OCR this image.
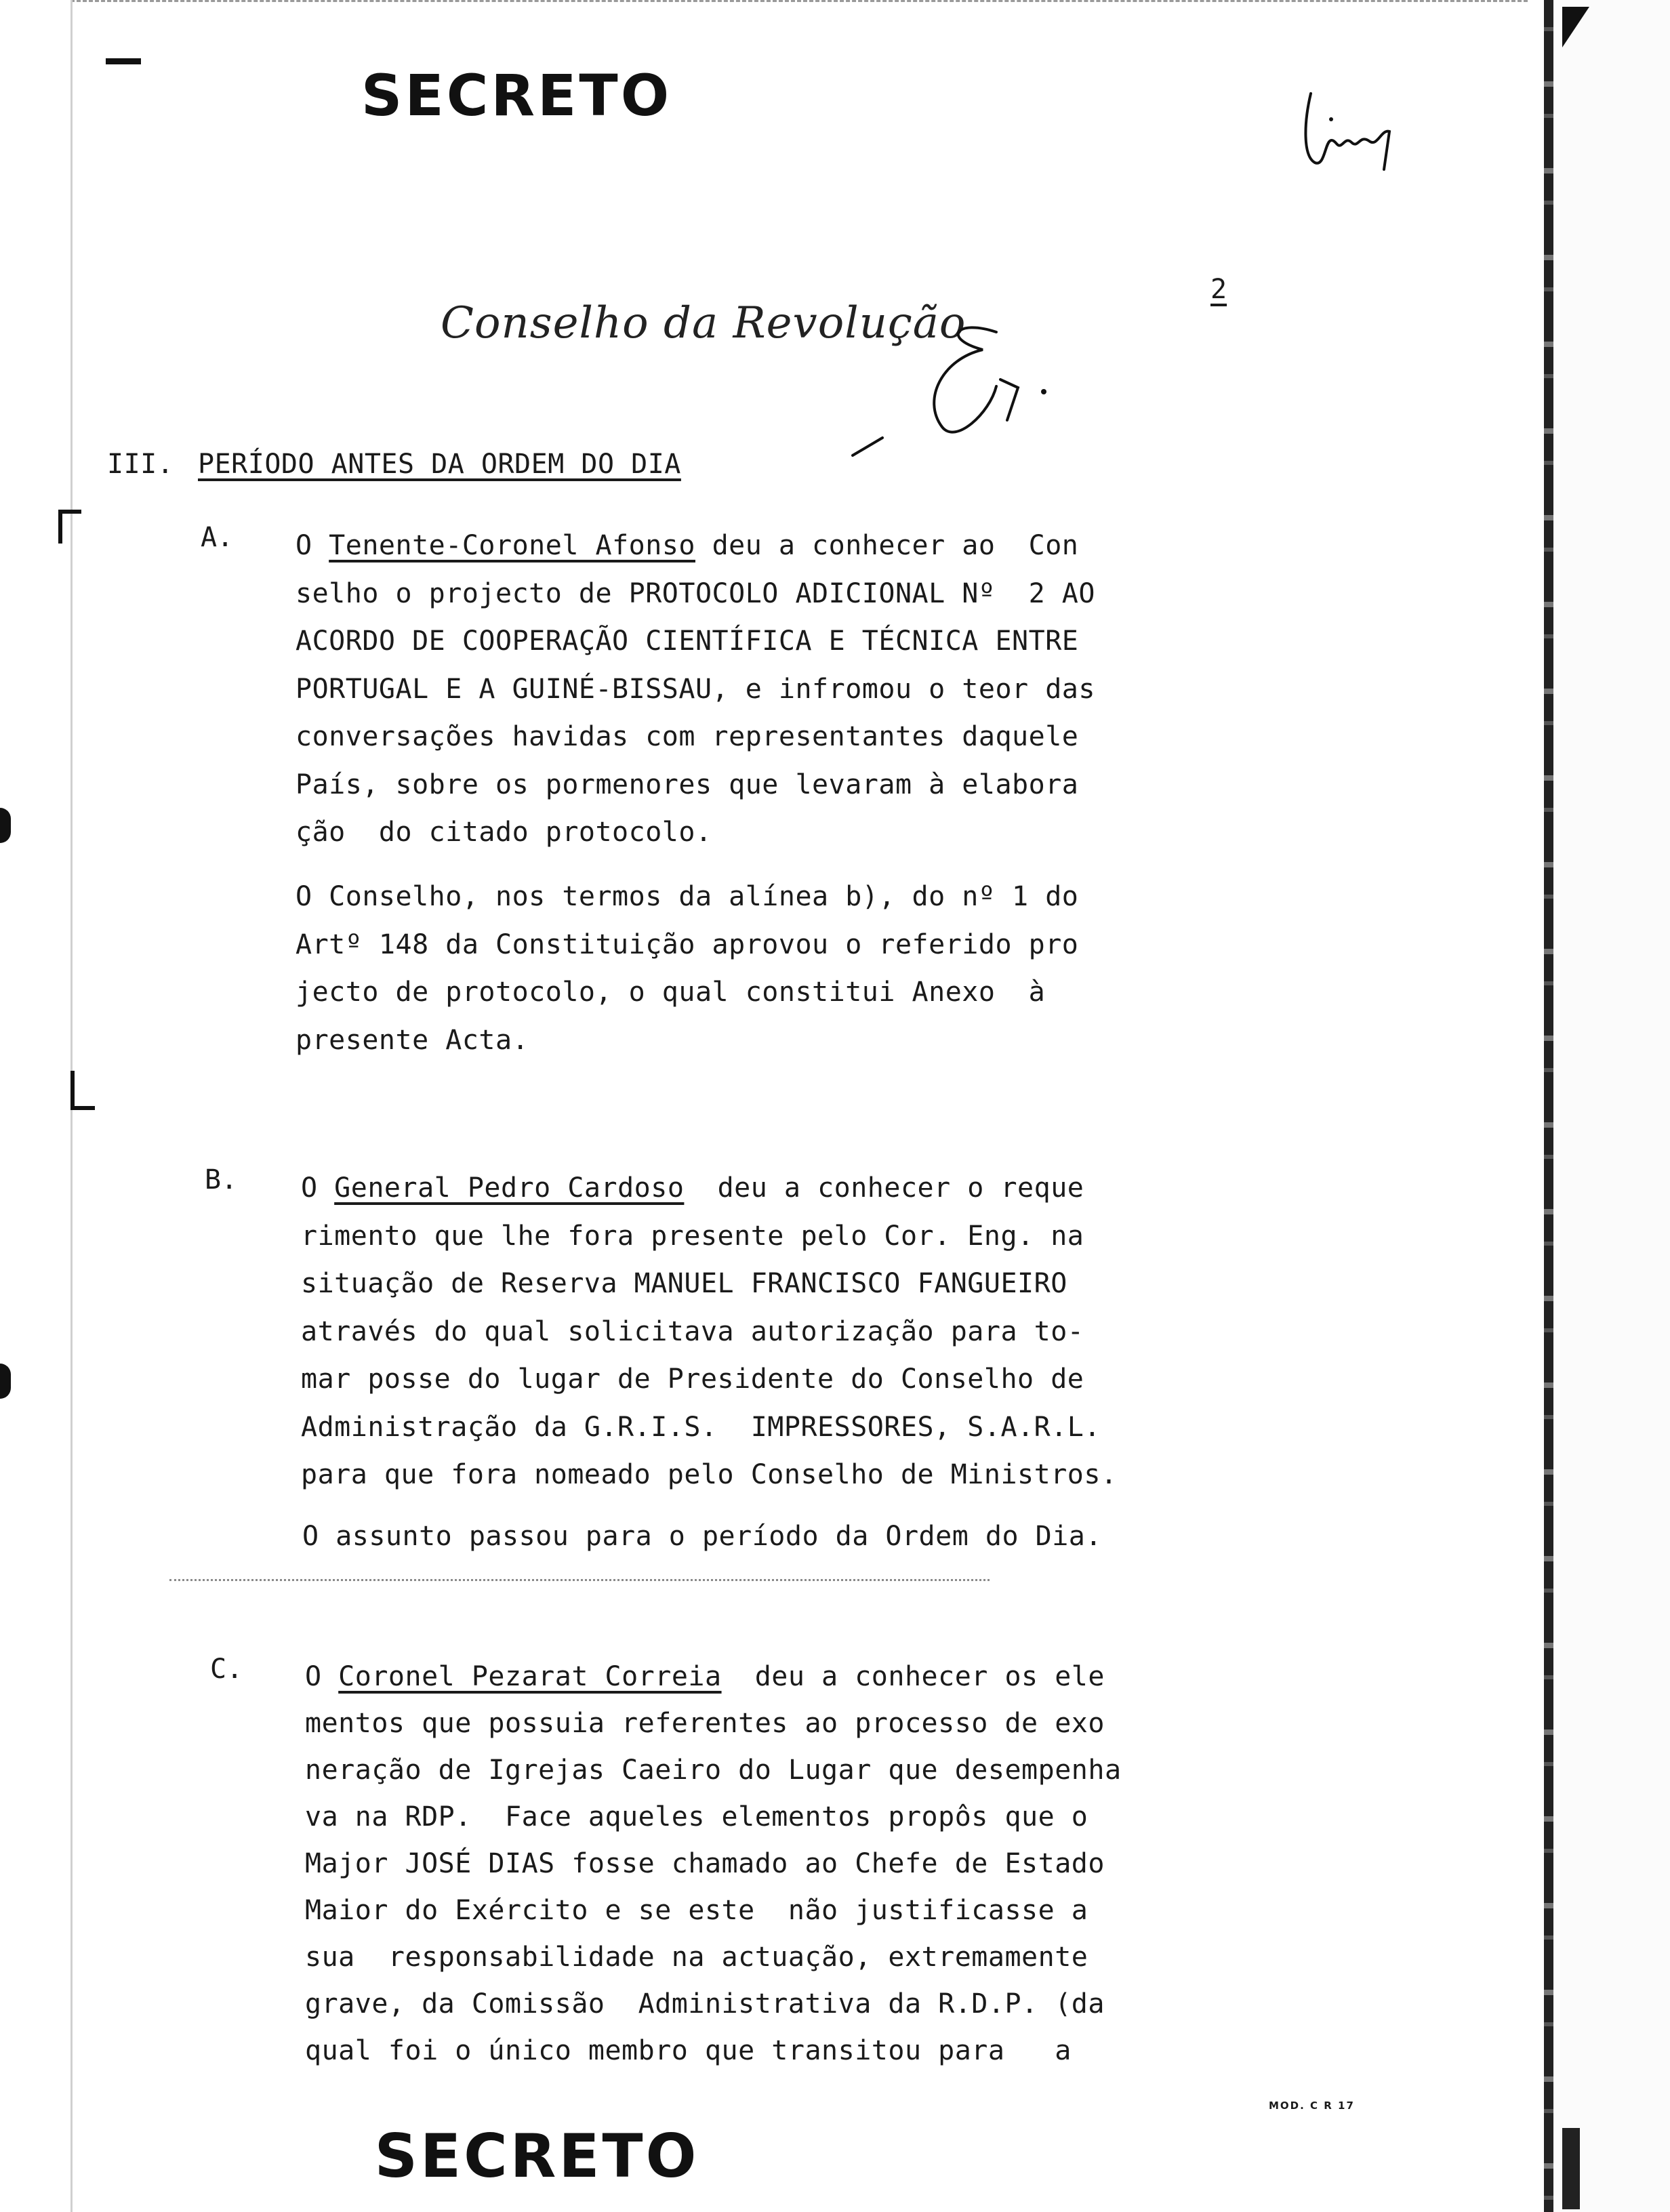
SECRETO
2
Conselho da Revolução
III. PERÍODO ANTES DA ORDEM DO DIA
A. O Tenente-Coronel Afonso deu a conhecer ao  Con
selho o projecto de PROTOCOLO ADICIONAL Nº  2 AO
ACORDO DE COOPERAÇÃO CIENTÍFICA E TÉCNICA ENTRE
PORTUGAL E A GUINÉ-BISSAU, e infromou o teor das
conversações havidas com representantes daquele
País, sobre os pormenores que levaram à elabora
ção  do citado protocolo.
O Conselho, nos termos da alínea b), do nº 1 do
Artº 148 da Constituição aprovou o referido pro
jecto de protocolo, o qual constitui Anexo  à
presente Acta.
B. O General Pedro Cardoso  deu a conhecer o reque
rimento que lhe fora presente pelo Cor. Eng. na
situação de Reserva MANUEL FRANCISCO FANGUEIRO
através do qual solicitava autorização para to-
mar posse do lugar de Presidente do Conselho de
Administração da G.R.I.S.  IMPRESSORES, S.A.R.L.
para que fora nomeado pelo Conselho de Ministros.
O assunto passou para o período da Ordem do Dia.
C. O Coronel Pezarat Correia  deu a conhecer os ele
mentos que possuia referentes ao processo de exo
neração de Igrejas Caeiro do Lugar que desempenha
va na RDP.  Face aqueles elementos propôs que o
Major JOSÉ DIAS fosse chamado ao Chefe de Estado
Maior do Exército e se este  não justificasse a
sua  responsabilidade na actuação, extremamente
grave, da Comissão  Administrativa da R.D.P. (da
qual foi o único membro que transitou para   a
MOD. C R 17
SECRETO
